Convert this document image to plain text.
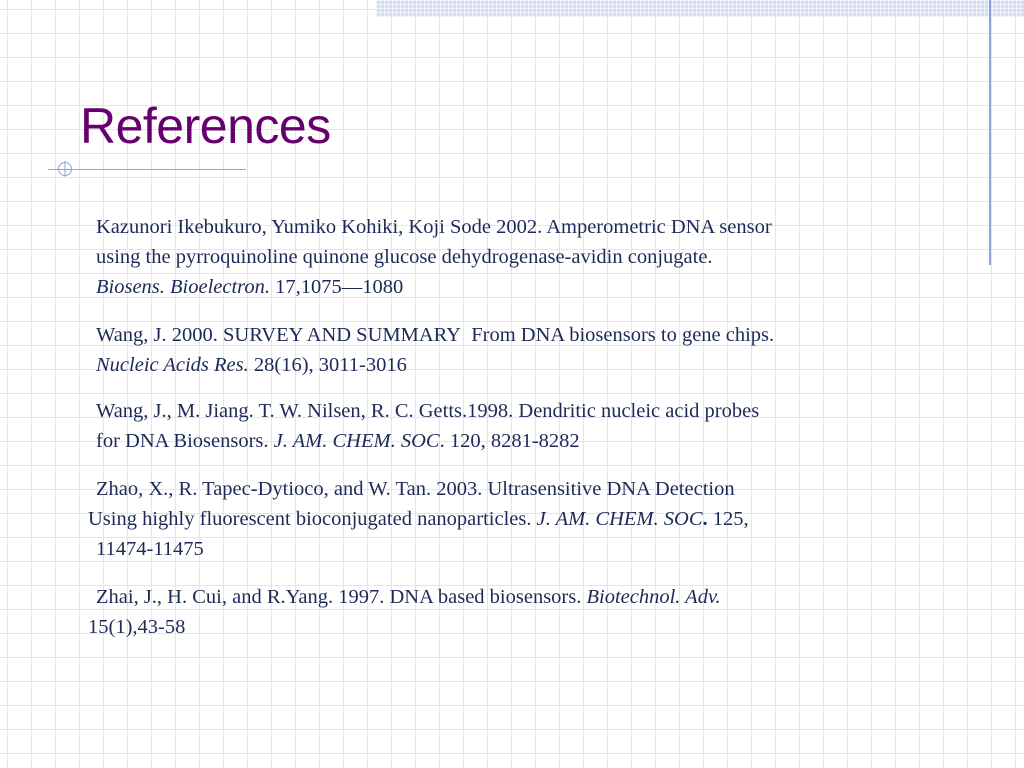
References
Kazunori Ikebukuro, Yumiko Kohiki, Koji Sode 2002. Amperometric DNA sensor
using the pyrroquinoline quinone glucose dehydrogenase-avidin conjugate.
Biosens. Bioelectron. 17,1075—1080
Wang, J. 2000. SURVEY AND SUMMARY  From DNA biosensors to gene chips.
Nucleic Acids Res. 28(16), 3011-3016
Wang, J., M. Jiang. T. W. Nilsen, R. C. Getts.1998. Dendritic nucleic acid probes
for DNA Biosensors. J. AM. CHEM. SOC. 120, 8281-8282
Zhao, X., R. Tapec-Dytioco, and W. Tan. 2003. Ultrasensitive DNA Detection
Using highly fluorescent bioconjugated nanoparticles. J. AM. CHEM. SOC. 125,
11474-11475
Zhai, J., H. Cui, and R.Yang. 1997. DNA based biosensors. Biotechnol. Adv.
15(1),43-58
